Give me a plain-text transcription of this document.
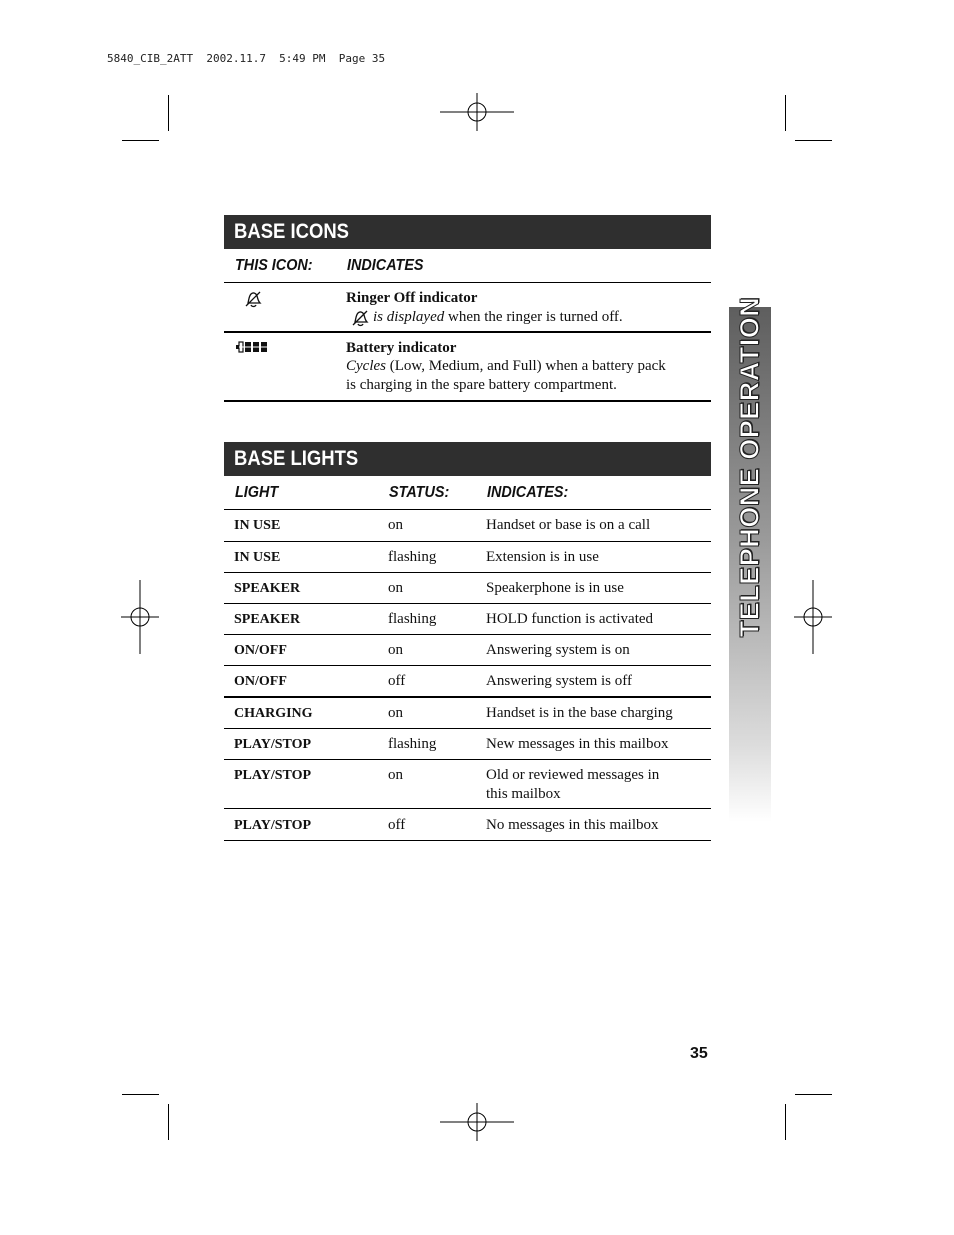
5840_CIB_2ATT  2002.11.7  5:49 PM  Page 35
BASE ICONS
THIS ICON:	INDICATES
Ringer Off indicator
is displayed when the ringer is turned off.
Battery indicator
Cycles (Low, Medium, and Full) when a battery pack
is charging in the spare battery compartment.
BASE LIGHTS
LIGHT	STATUS:	INDICATES:
IN USE	on	Handset or base is on a call
IN USE	flashing	Extension is in use
SPEAKER	on	Speakerphone is in use
SPEAKER	flashing	HOLD function is activated
ON/OFF	on	Answering system is on
ON/OFF	off	Answering system is off
CHARGING	on	Handset is in the base charging
PLAY/STOP	flashing	New messages in this mailbox
PLAY/STOP	on	Old or reviewed messages in
this mailbox
PLAY/STOP	off	No messages in this mailbox
TELEPHONE OPERATION
35
